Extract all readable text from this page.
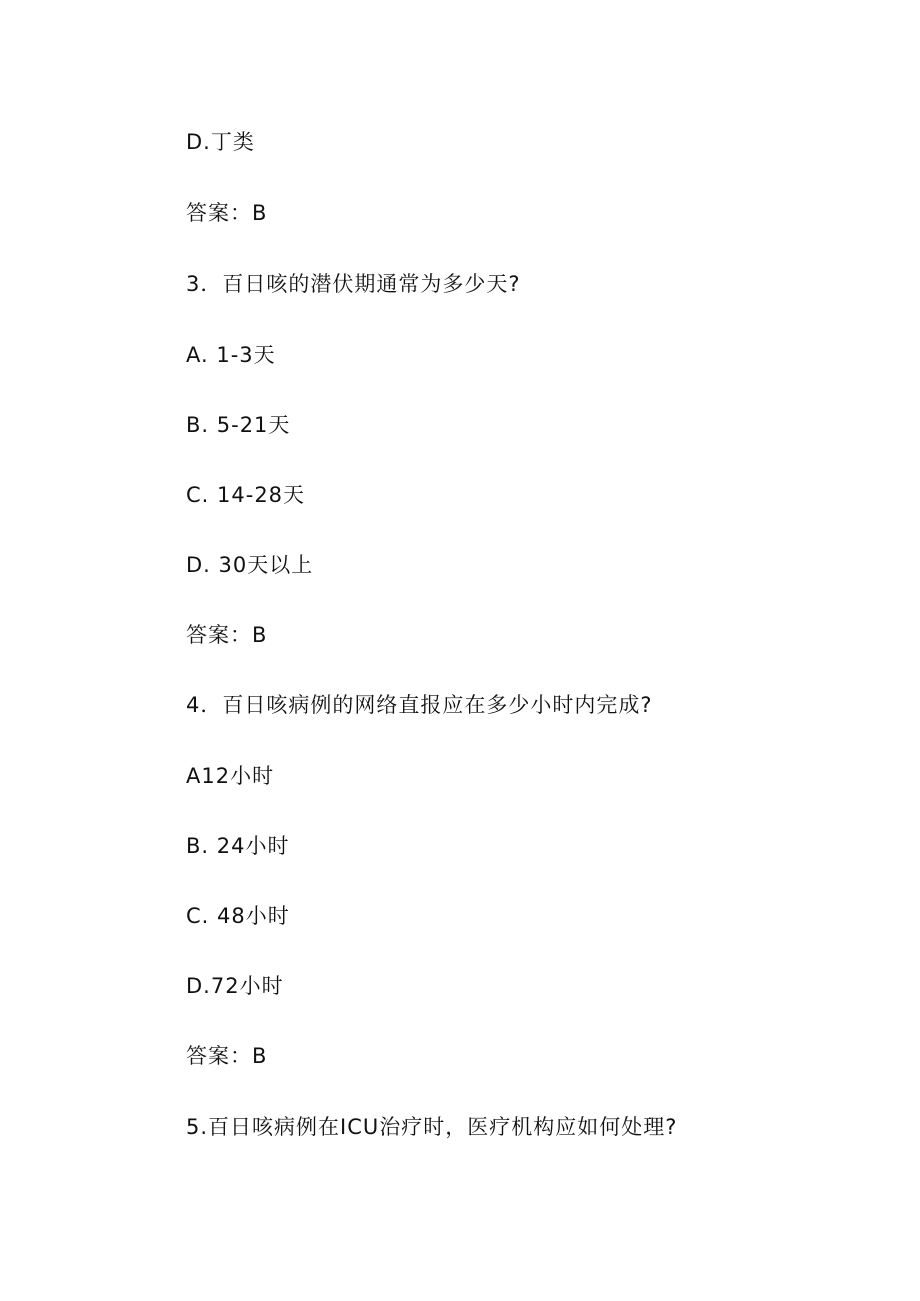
D.丁类
答案：B
3．百日咳的潜伏期通常为多少天?
A. 1-3天
B. 5-21天
C. 14-28天
D. 30天以上
答案：B
4．百日咳病例的网络直报应在多少小时内完成?
A12小时
B. 24小时
C. 48小时
D.72小时
答案：B
5.百日咳病例在ICU治疗时，医疗机构应如何处理?
